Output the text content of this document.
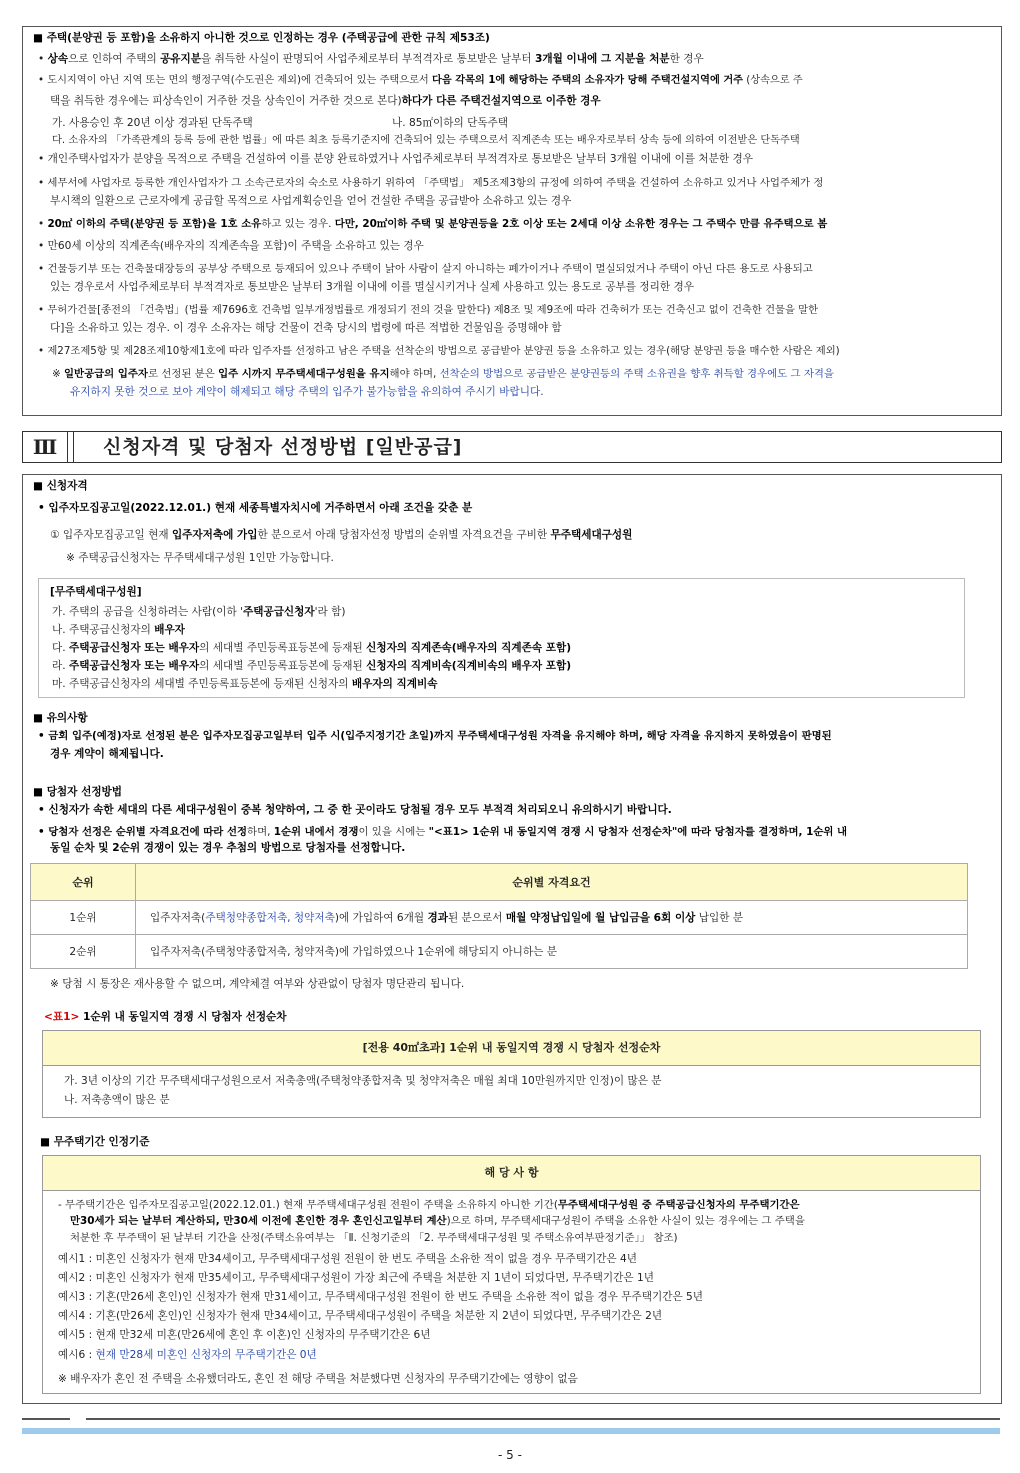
■ 주택(분양권 등 포함)을 소유하지 아니한 것으로 인정하는 경우 (주택공급에 관한 규칙 제53조)
• 상속으로 인하여 주택의 공유지분을 취득한 사실이 판명되어 사업주체로부터 부적격자로 통보받은 날부터 3개월 이내에 그 지분을 처분한 경우
• 도시지역이 아닌 지역 또는 면의 행정구역(수도권은 제외)에 건축되어 있는 주택으로서 다음 각목의 1에 해당하는 주택의 소유자가 당해 주택건설지역에 거주 (상속으로 주
택을 취득한 경우에는 피상속인이 거주한 것을 상속인이 거주한 것으로 본다)하다가 다른 주택건설지역으로 이주한 경우
가. 사용승인 후 20년 이상 경과된 단독주택	나. 85㎡이하의 단독주택
다. 소유자의 「가족관계의 등록 등에 관한 법률」에 따른 최초 등록기준지에 건축되어 있는 주택으로서 직계존속 또는 배우자로부터 상속 등에 의하여 이전받은 단독주택
• 개인주택사업자가 분양을 목적으로 주택을 건설하여 이를 분양 완료하였거나 사업주체로부터 부적격자로 통보받은 날부터 3개월 이내에 이를 처분한 경우
• 세무서에 사업자로 등록한 개인사업자가 그 소속근로자의 숙소로 사용하기 위하여 「주택법」 제5조제3항의 규정에 의하여 주택을 건설하여 소유하고 있거나 사업주체가 정
부시책의 일환으로 근로자에게 공급할 목적으로 사업계획승인을 얻어 건설한 주택을 공급받아 소유하고 있는 경우
• 20㎡ 이하의 주택(분양권 등 포함)을 1호 소유하고 있는 경우. 다만, 20㎡이하 주택 및 분양권등을 2호 이상 또는 2세대 이상 소유한 경우는 그 주택수 만큼 유주택으로 봄
• 만60세 이상의 직계존속(배우자의 직계존속을 포함)이 주택을 소유하고 있는 경우
• 건물등기부 또는 건축물대장등의 공부상 주택으로 등재되어 있으나 주택이 낡아 사람이 살지 아니하는 폐가이거나 주택이 멸실되었거나 주택이 아닌 다른 용도로 사용되고
있는 경우로서 사업주체로부터 부적격자로 통보받은 날부터 3개월 이내에 이를 멸실시키거나 실제 사용하고 있는 용도로 공부를 정리한 경우
• 무허가건물[종전의 「건축법」(법률 제7696호 건축법 일부개정법률로 개정되기 전의 것을 말한다) 제8조 및 제9조에 따라 건축허가 또는 건축신고 없이 건축한 건물을 말한
다]을 소유하고 있는 경우. 이 경우 소유자는 해당 건물이 건축 당시의 법령에 따른 적법한 건물임을 증명해야 함
• 제27조제5항 및 제28조제10항제1호에 따라 입주자를 선정하고 남은 주택을 선착순의 방법으로 공급받아 분양권 등을 소유하고 있는 경우(해당 분양권 등을 매수한 사람은 제외)
※ 일반공급의 입주자로 선정된 분은 입주 시까지 무주택세대구성원을 유지해야 하며, 선착순의 방법으로 공급받은 분양권등의 주택 소유권을 향후 취득할 경우에도 그 자격을
유지하지 못한 것으로 보아 계약이 해제되고 해당 주택의 입주가 불가능함을 유의하여 주시기 바랍니다.
Ⅲ	신청자격 및 당첨자 선정방법 [일반공급]
■ 신청자격
• 입주자모집공고일(2022.12.01.) 현재 세종특별자치시에 거주하면서 아래 조건을 갖춘 분
① 입주자모집공고일 현재 입주자저축에 가입한 분으로서 아래 당첨자선정 방법의 순위별 자격요건을 구비한 무주택세대구성원
※ 주택공급신청자는 무주택세대구성원 1인만 가능합니다.
[무주택세대구성원]
가. 주택의 공급을 신청하려는 사람(이하 '주택공급신청자'라 함)
나. 주택공급신청자의 배우자
다. 주택공급신청자 또는 배우자의 세대별 주민등록표등본에 등재된 신청자의 직계존속(배우자의 직계존속 포함)
라. 주택공급신청자 또는 배우자의 세대별 주민등록표등본에 등재된 신청자의 직계비속(직계비속의 배우자 포함)
마. 주택공급신청자의 세대별 주민등록표등본에 등재된 신청자의 배우자의 직계비속
■ 유의사항
• 금회 입주(예정)자로 선정된 분은 입주자모집공고일부터 입주 시(입주지정기간 초일)까지 무주택세대구성원 자격을 유지해야 하며, 해당 자격을 유지하지 못하였음이 판명된
경우 계약이 해제됩니다.
■ 당첨자 선정방법
• 신청자가 속한 세대의 다른 세대구성원이 중복 청약하여, 그 중 한 곳이라도 당첨될 경우 모두 부적격 처리되오니 유의하시기 바랍니다.
• 당첨자 선정은 순위별 자격요건에 따라 선정하며, 1순위 내에서 경쟁이 있을 시에는 "<표1> 1순위 내 동일지역 경쟁 시 당첨자 선정순차"에 따라 당첨자를 결정하며, 1순위 내
동일 순차 및 2순위 경쟁이 있는 경우 추첨의 방법으로 당첨자를 선정합니다.
순위	순위별 자격요건
1순위	입주자저축(주택청약종합저축, 청약저축)에 가입하여 6개월 경과된 분으로서 매월 약정납입일에 월 납입금을 6회 이상 납입한 분
2순위	입주자저축(주택청약종합저축, 청약저축)에 가입하였으나 1순위에 해당되지 아니하는 분
※ 당첨 시 통장은 재사용할 수 없으며, 계약체결 여부와 상관없이 당첨자 명단관리 됩니다.
<표1> 1순위 내 동일지역 경쟁 시 당첨자 선정순차
[전용 40㎡초과] 1순위 내 동일지역 경쟁 시 당첨자 선정순차
가. 3년 이상의 기간 무주택세대구성원으로서 저축총액(주택청약종합저축 및 청약저축은 매월 최대 10만원까지만 인정)이 많은 분
나. 저축총액이 많은 분
■ 무주택기간 인정기준
해 당 사 항
- 무주택기간은 입주자모집공고일(2022.12.01.) 현재 무주택세대구성원 전원이 주택을 소유하지 아니한 기간(무주택세대구성원 중 주택공급신청자의 무주택기간은
만30세가 되는 날부터 계산하되, 만30세 이전에 혼인한 경우 혼인신고일부터 계산)으로 하며, 무주택세대구성원이 주택을 소유한 사실이 있는 경우에는 그 주택을
처분한 후 무주택이 된 날부터 기간을 산정(주택소유여부는 「Ⅱ. 신청기준의 「2. 무주택세대구성원 및 주택소유여부판정기준」」 참조)
예시1 : 미혼인 신청자가 현재 만34세이고, 무주택세대구성원 전원이 한 번도 주택을 소유한 적이 없을 경우 무주택기간은 4년
예시2 : 미혼인 신청자가 현재 만35세이고, 무주택세대구성원이 가장 최근에 주택을 처분한 지 1년이 되었다면, 무주택기간은 1년
예시3 : 기혼(만26세 혼인)인 신청자가 현재 만31세이고, 무주택세대구성원 전원이 한 번도 주택을 소유한 적이 없을 경우 무주택기간은 5년
예시4 : 기혼(만26세 혼인)인 신청자가 현재 만34세이고, 무주택세대구성원이 주택을 처분한 지 2년이 되었다면, 무주택기간은 2년
예시5 : 현재 만32세 미혼(만26세에 혼인 후 이혼)인 신청자의 무주택기간은 6년
예시6 : 현재 만28세 미혼인 신청자의 무주택기간은 0년
※ 배우자가 혼인 전 주택을 소유했더라도, 혼인 전 해당 주택을 처분했다면 신청자의 무주택기간에는 영향이 없음
- 5 -
